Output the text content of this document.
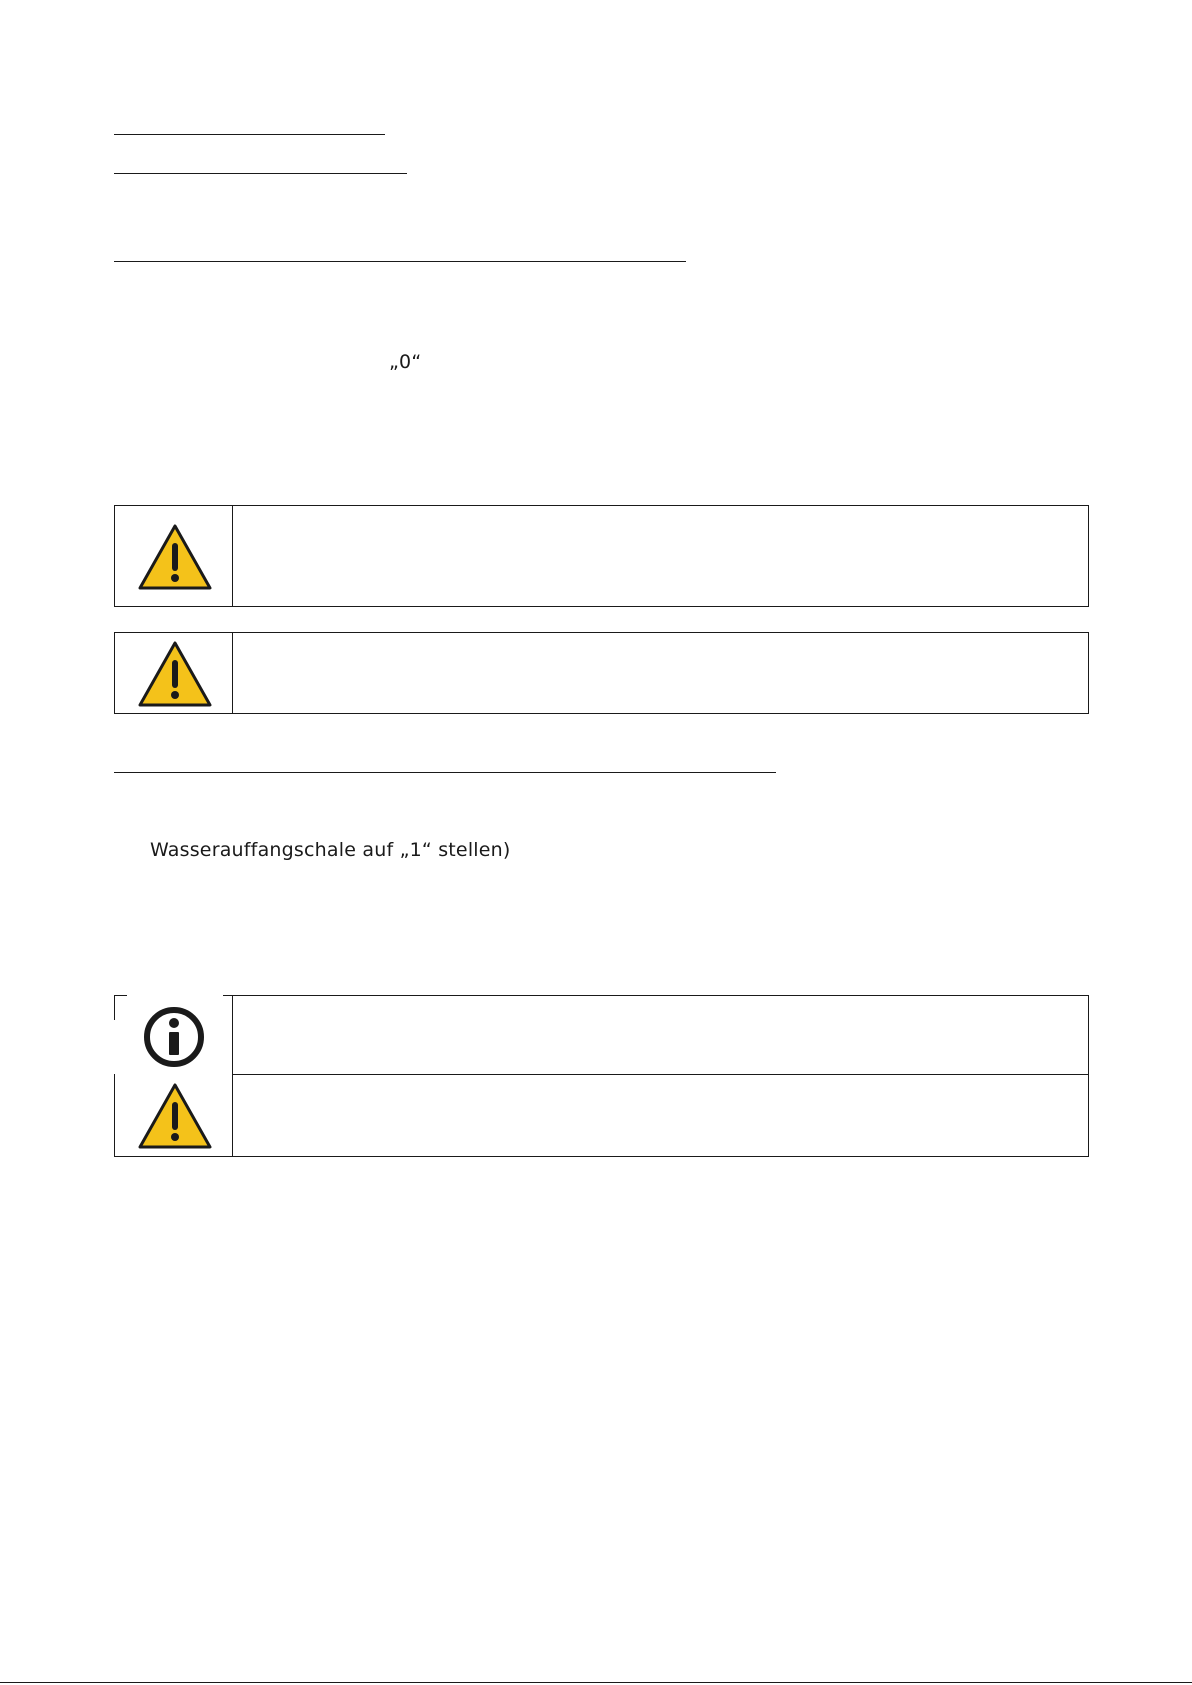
„0“
Wasserauffangschale auf „1“ stellen)
